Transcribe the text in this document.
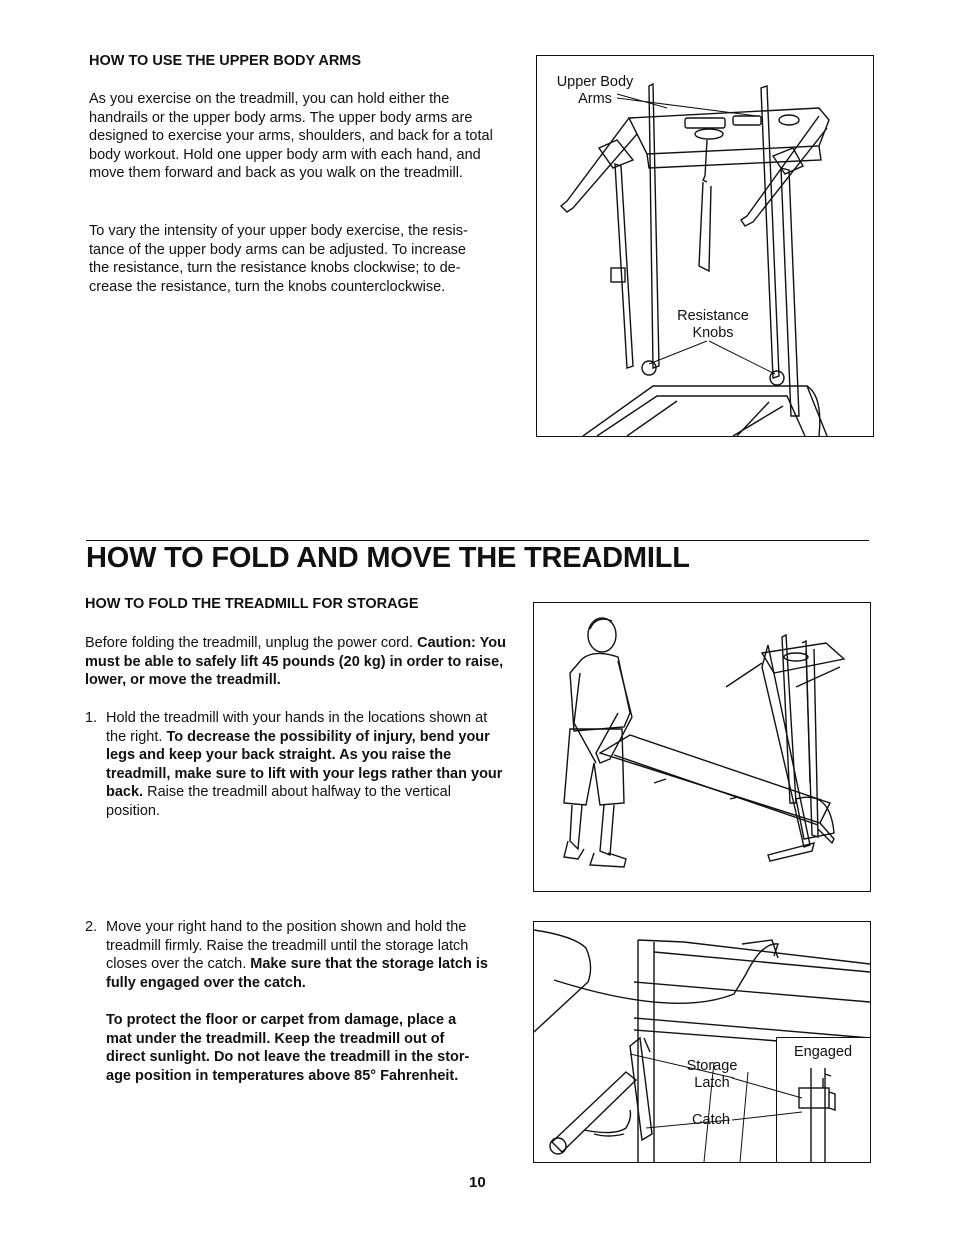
HOW TO USE THE UPPER BODY ARMS
As you exercise on the treadmill, you can hold either the handrails or the upper body arms. The upper body arms are designed to exercise your arms, shoulders, and back for a total body workout. Hold one upper body arm with each hand, and move them forward and back as you walk on the treadmill.
To vary the intensity of your upper body exercise, the resis-
tance of the upper body arms can be adjusted. To increase
the resistance, turn the resistance knobs clockwise; to de-
crease the resistance, turn the knobs counterclockwise.
Upper Body
Arms
Resistance
Knobs
HOW TO FOLD AND MOVE THE TREADMILL
HOW TO FOLD THE TREADMILL FOR STORAGE
Before folding the treadmill, unplug the power cord. Caution: You must be able to safely lift 45 pounds (20 kg) in order to raise, lower, or move the treadmill.
1. Hold the treadmill with your hands in the locations shown at the right. To decrease the possibility of injury, bend your legs and keep your back straight. As you raise the treadmill, make sure to lift with your legs rather than your back. Raise the treadmill about halfway to the vertical position.
2. Move your right hand to the position shown and hold the treadmill firmly. Raise the treadmill until the storage latch closes over the catch. Make sure that the storage latch is fully engaged over the catch.
To protect the floor or carpet from damage, place a
mat under the treadmill. Keep the treadmill out of
direct sunlight. Do not leave the treadmill in the stor-
age position in temperatures above 85° Fahrenheit.
Storage
Latch
Catch
Engaged
10
